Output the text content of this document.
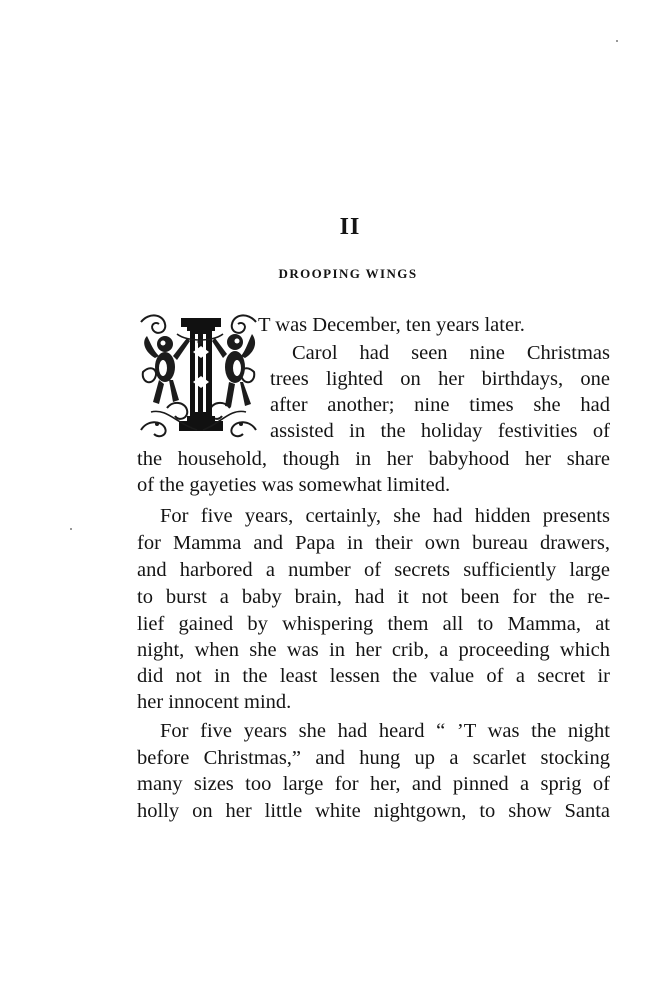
II
DROOPING WINGS
T was December, ten years later.
Carol had seen nine Christmas
trees lighted on her birthdays, one
after another; nine times she had
assisted in the holiday festivities of
the household, though in her babyhood her share
of the gayeties was somewhat limited.
For five years, certainly, she had hidden presents
for Mamma and Papa in their own bureau drawers,
and harbored a number of secrets sufficiently large
to burst a baby brain, had it not been for the re-
lief gained by whispering them all to Mamma, at
night, when she was in her crib, a proceeding which
did not in the least lessen the value of a secret ir
her innocent mind.
For five years she had heard “ ’T was the night
before Christmas,” and hung up a scarlet stocking
many sizes too large for her, and pinned a sprig of
holly on her little white nightgown, to show Santa
